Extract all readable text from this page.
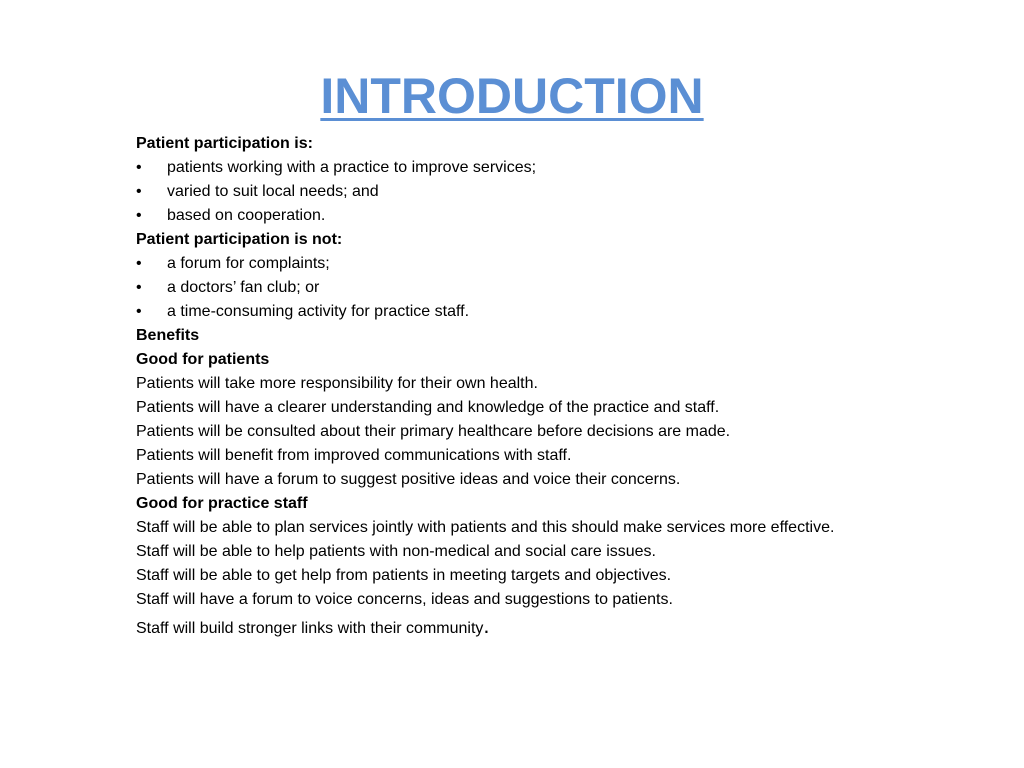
INTRODUCTION

Patient participation is:

•	patients working with a practice to improve services;
•	varied to suit local needs; and
•	based on cooperation.

Patient participation is not:

•	a forum for complaints;
•	a doctors’ fan club; or
•	a time-consuming activity for practice staff.

Benefits

Good for patients

Patients will take more responsibility for their own health.

Patients will have a clearer understanding and knowledge of the practice and staff.

Patients will be consulted about their primary healthcare before decisions are made.

Patients will benefit from improved communications with staff.

Patients will have a forum to suggest positive ideas and voice their concerns.

Good for practice staff

Staff will be able to plan services jointly with patients and this should make services more effective.

Staff will be able to help patients with non-medical and social care issues.

Staff will be able to get help from patients in meeting targets and objectives.

Staff will have a forum to voice concerns, ideas and suggestions to patients.

Staff will build stronger links with their community.
